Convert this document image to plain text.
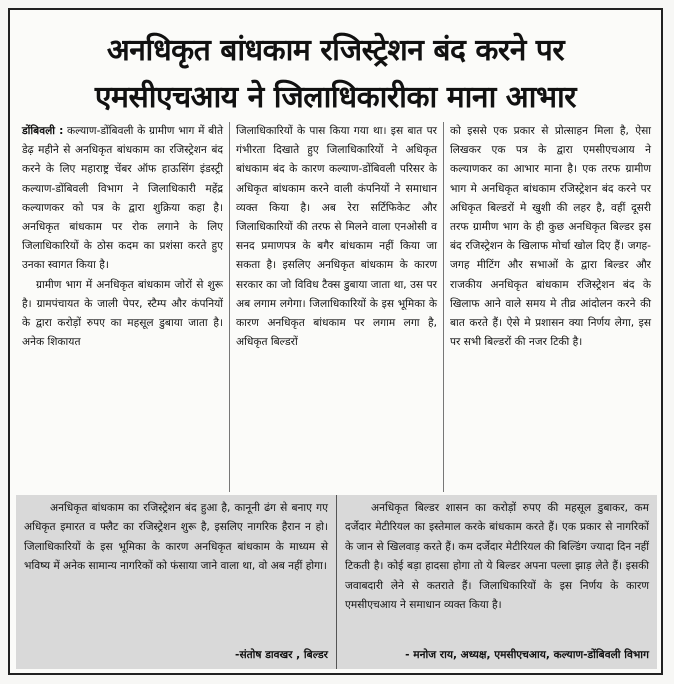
अनधिकृत बांधकाम रजिस्ट्रेशन बंद करने पर
एमसीएचआय ने जिलाधिकारीका माना आभार

डोंबिवली : कल्याण-डोंबिवली के ग्रामीण भाग में बीते डेढ़ महीने से अनधिकृत बांधकाम का रजिस्ट्रेशन बंद करने के लिए महाराष्ट्र चेंबर ऑफ हाऊसिंग इंडस्ट्री कल्याण-डोंबिवली विभाग ने जिलाधिकारी महेंद्र कल्याणकर को पत्र के द्वारा शुक्रिया कहा है। अनधिकृत बांधकाम पर रोक लगाने के लिए जिलाधिकारियों के ठोस कदम का प्रशंसा करते हुए उनका स्वागत किया है।

ग्रामीण भाग में अनधिकृत बांधकाम जोरों से शुरू है। ग्रामपंचायत के जाली पेपर, स्टैम्प और कंपनियों के द्वारा करोड़ों रुपए का महसूल डुबाया जाता है। अनेक शिकायत

जिलाधिकारियों के पास किया गया था। इस बात पर गंभीरता दिखाते हुए जिलाधिकारियों ने अधिकृत बांधकाम बंद के कारण कल्याण-डोंबिवली परिसर के अधिकृत बांधकाम करने वाली कंपनियों ने समाधान व्यक्त किया है। अब रेरा सर्टिफिकेट और जिलाधिकारियों की तरफ से मिलने वाला एनओसी व सनद प्रमाणपत्र के बगैर बांधकाम नहीं किया जा सकता है। इसलिए अनधिकृत बांधकाम के कारण सरकार का जो विविध टैक्स डुबाया जाता था, उस पर अब लगाम लगेगा। जिलाधिकारियों के इस भूमिका के कारण अनधिकृत बांधकाम पर लगाम लगा है, अधिकृत बिल्डरों

को इससे एक प्रकार से प्रोत्साहन मिला है, ऐसा लिखकर एक पत्र के द्वारा एमसीएचआय ने कल्याणकर का आभार माना है। एक तरफ ग्रामीण भाग मे अनधिकृत बांधकाम रजिस्ट्रेशन बंद करने पर अधिकृत बिल्डरों मे खुशी की लहर है, वहीं दूसरी तरफ ग्रामीण भाग के ही कुछ अनधिकृत बिल्डर इस बंद रजिस्ट्रेशन के खिलाफ मोर्चा खोल दिए हैं। जगह-जगह मीटिंग और सभाओं के द्वारा बिल्डर और राजकीय अनधिकृत बांधकाम रजिस्ट्रेशन बंद के खिलाफ आने वाले समय मे तीव्र आंदोलन करने की बात करते हैं। ऐसे मे प्रशासन क्या निर्णय लेगा, इस पर सभी बिल्डरों की नजर टिकी है।

अनधिकृत बांधकाम का रजिस्ट्रेशन बंद हुआ है, कानूनी ढंग से बनाए गए अधिकृत इमारत व फ्लैट का रजिस्ट्रेशन शुरू है, इसलिए नागरिक हैरान न हो। जिलाधिकारियों के इस भूमिका के कारण अनधिकृत बांधकाम के माध्यम से भविष्य में अनेक सामान्य नागरिकों को फंसाया जाने वाला था, वो अब नहीं होगा।

-संतोष डावखर , बिल्डर

अनधिकृत बिल्डर शासन का करोड़ों रुपए की महसूल डुबाकर, कम दर्जेदार मेटीरियल का इस्तेमाल करके बांधकाम करते हैं। एक प्रकार से नागरिकों के जान से खिलवाड़ करते हैं। कम दर्जेदार मेटीरियल की बिल्डिंग ज्यादा दिन नहीं टिकती है। कोई बड़ा हादसा होगा तो ये बिल्डर अपना पल्ला झाड़ लेते हैं। इसकी जवाबदारी लेने से कतराते हैं। जिलाधिकारियों के इस निर्णय के कारण एमसीएचआय ने समाधान व्यक्त किया है।

- मनोज राय, अध्यक्ष, एमसीएचआय, कल्याण-डोंबिवली विभाग
